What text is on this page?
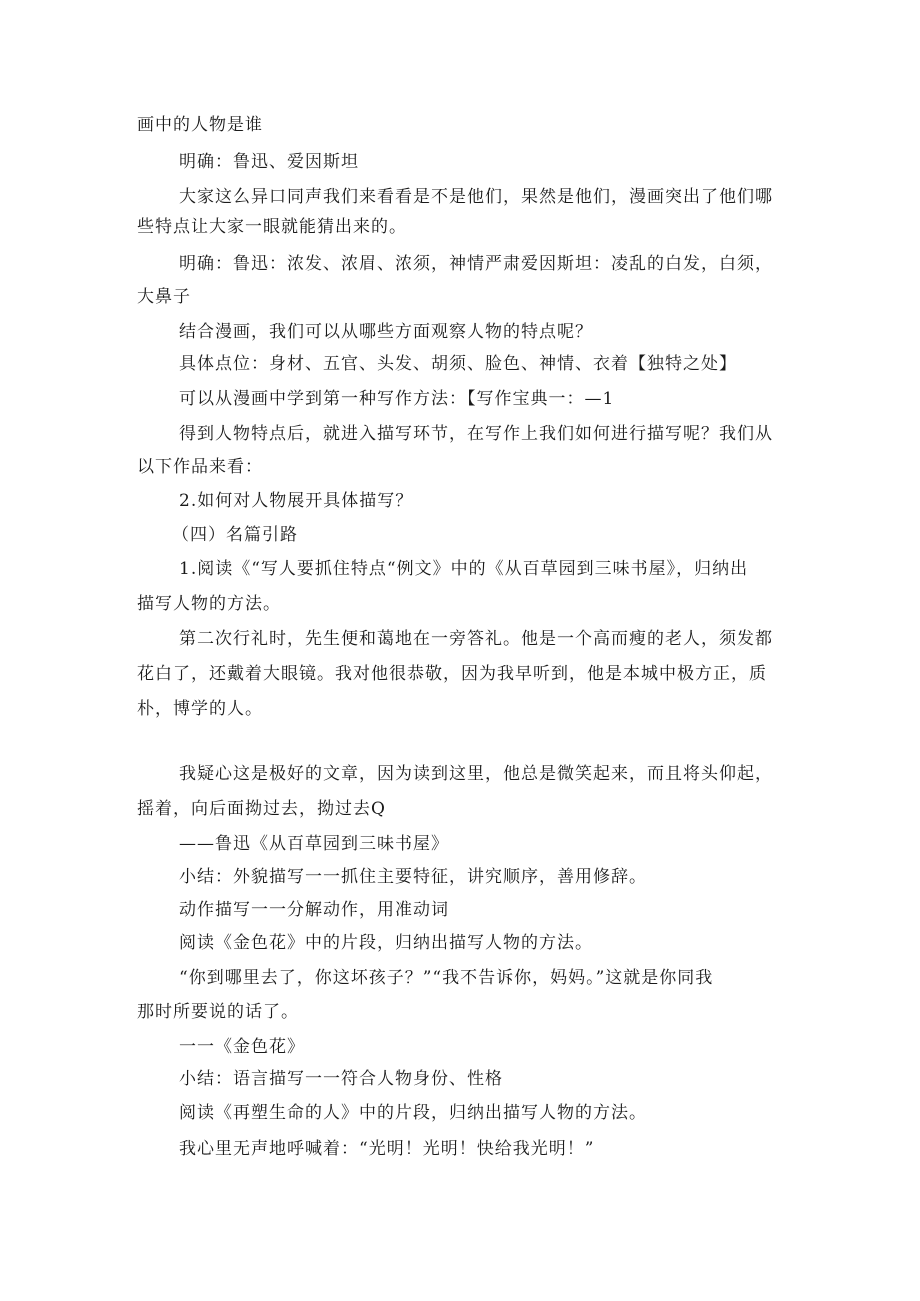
画中的人物是谁
明确：鲁迅、爱因斯坦
大家这么异口同声我们来看看是不是他们，果然是他们，漫画突出了他们哪
些特点让大家一眼就能猜出来的。
明确：鲁迅：浓发、浓眉、浓须，神情严肃爱因斯坦：凌乱的白发，白须，
大鼻子
结合漫画，我们可以从哪些方面观察人物的特点呢？
具体点位：身材、五官、头发、胡须、脸色、神情、衣着【独特之处】
可以从漫画中学到第一种写作方法：【写作宝典一：—1
得到人物特点后，就进入描写环节，在写作上我们如何进行描写呢？我们从
以下作品来看：
2.如何对人物展开具体描写？
（四）名篇引路
1.阅读《“写人要抓住特点“例文》中的《从百草园到三味书屋》，归纳出
描写人物的方法。
第二次行礼时，先生便和蔼地在一旁答礼。他是一个高而瘦的老人，须发都
花白了，还戴着大眼镜。我对他很恭敬，因为我早听到，他是本城中极方正，质
朴，博学的人。
我疑心这是极好的文章，因为读到这里，他总是微笑起来，而且将头仰起，
摇着，向后面拗过去，拗过去Q
——鲁迅《从百草园到三味书屋》
小结：外貌描写一一抓住主要特征，讲究顺序，善用修辞。
动作描写一一分解动作，用准动词
阅读《金色花》中的片段，归纳出描写人物的方法。
“你到哪里去了，你这坏孩子？”“我不告诉你，妈妈。”这就是你同我
那时所要说的话了。
一一《金色花》
小结：语言描写一一符合人物身份、性格
阅读《再塑生命的人》中的片段，归纳出描写人物的方法。
我心里无声地呼喊着：“光明！光明！快给我光明！”
